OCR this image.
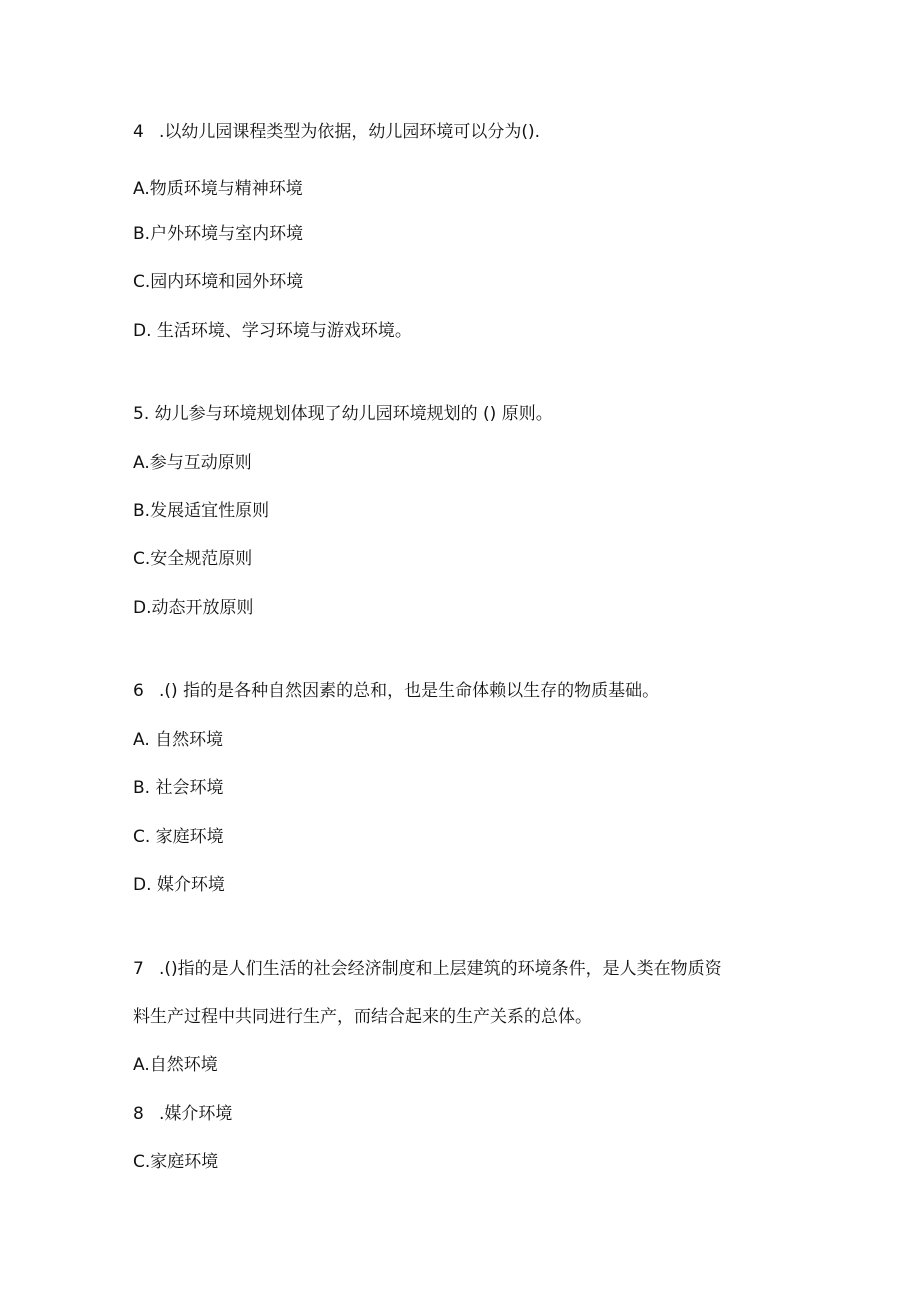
4 .以幼儿园课程类型为依据，幼儿园环境可以分为().
A.物质环境与精神环境
B.户外环境与室内环境
C.园内环境和园外环境
D. 生活环境、学习环境与游戏环境。
5. 幼儿参与环境规划体现了幼儿园环境规划的 () 原则。
A.参与互动原则
B.发展适宜性原则
C.安全规范原则
D.动态开放原则
6 .() 指的是各种自然因素的总和，也是生命体赖以生存的物质基础。
A. 自然环境
B. 社会环境
C. 家庭环境
D. 媒介环境
7 .()指的是人们生活的社会经济制度和上层建筑的环境条件，是人类在物质资
料生产过程中共同进行生产，而结合起来的生产关系的总体。
A.自然环境
8 .媒介环境
C.家庭环境
